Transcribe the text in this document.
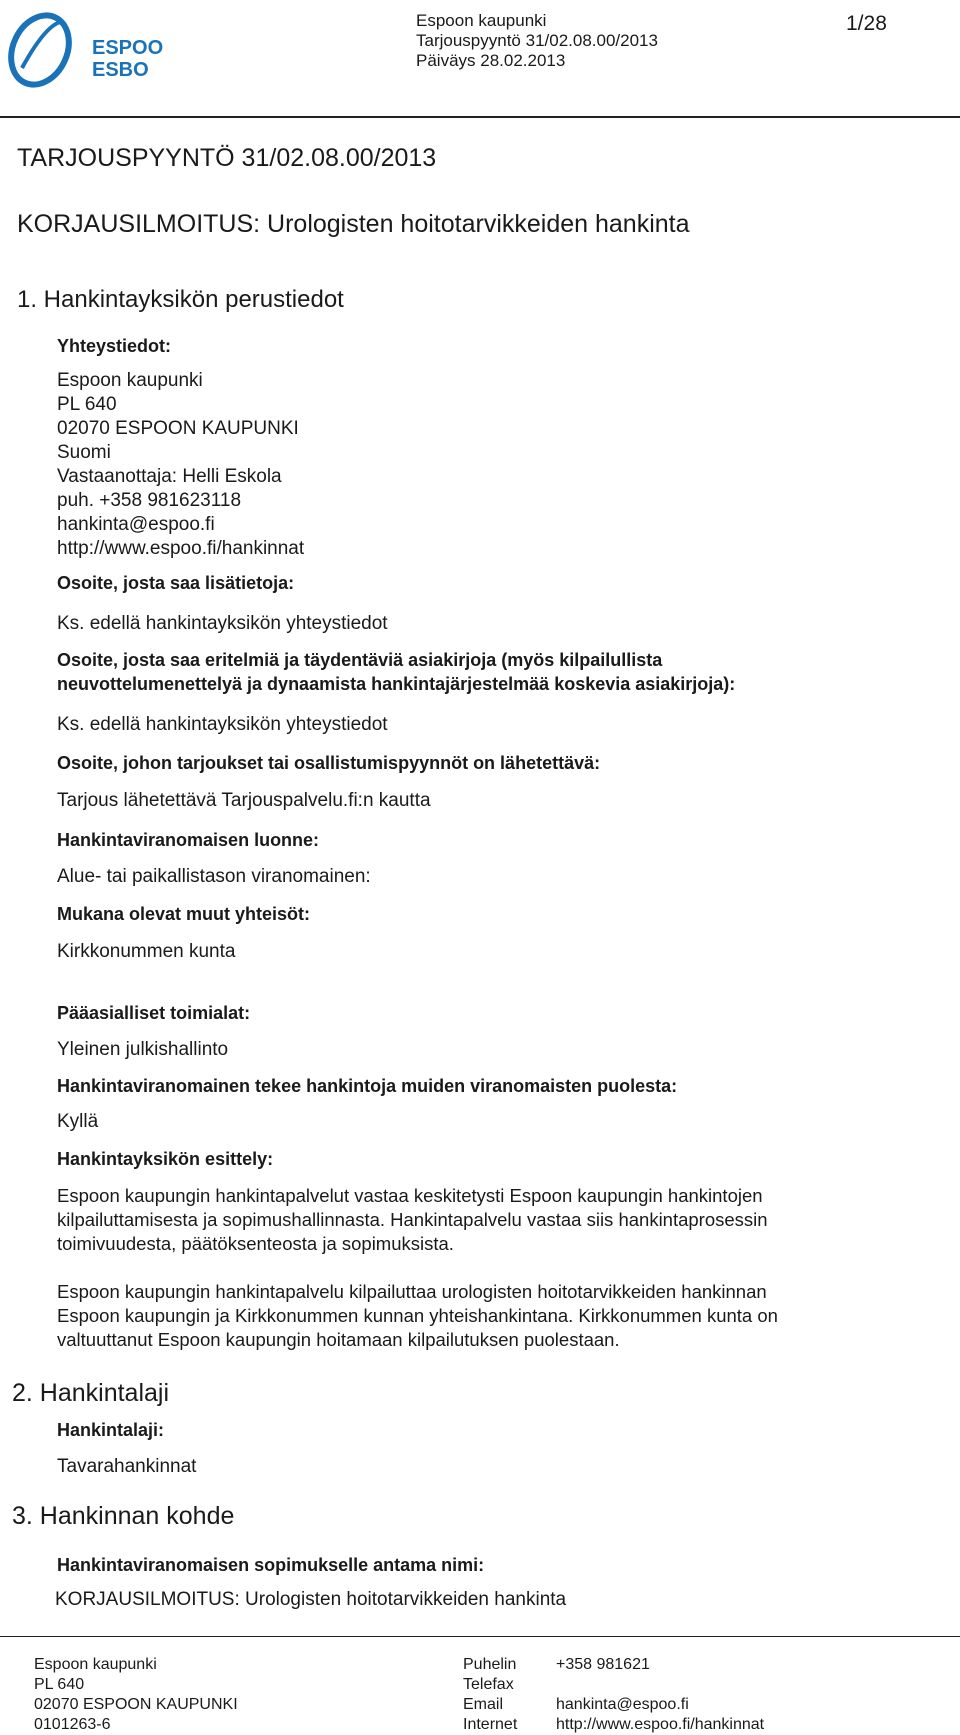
ESPOO
ESBO
Espoon kaupunki
Tarjouspyyntö 31/02.08.00/2013
Päiväys 28.02.2013
1/28
TARJOUSPYYNTÖ 31/02.08.00/2013
KORJAUSILMOITUS: Urologisten hoitotarvikkeiden hankinta
1. Hankintayksikön perustiedot
Yhteystiedot:
Espoon kaupunki
PL 640
02070 ESPOON KAUPUNKI
Suomi
Vastaanottaja: Helli Eskola
puh. +358 981623118
hankinta@espoo.fi
http://www.espoo.fi/hankinnat
Osoite, josta saa lisätietoja:
Ks. edellä hankintayksikön yhteystiedot
Osoite, josta saa eritelmiä ja täydentäviä asiakirjoja (myös kilpailullista
neuvottelumenettelyä ja dynaamista hankintajärjestelmää koskevia asiakirjoja):
Ks. edellä hankintayksikön yhteystiedot
Osoite, johon tarjoukset tai osallistumispyynnöt on lähetettävä:
Tarjous lähetettävä Tarjouspalvelu.fi:n kautta
Hankintaviranomaisen luonne:
Alue- tai paikallistason viranomainen:
Mukana olevat muut yhteisöt:
Kirkkonummen kunta
Pääasialliset toimialat:
Yleinen julkishallinto
Hankintaviranomainen tekee hankintoja muiden viranomaisten puolesta:
Kyllä
Hankintayksikön esittely:
Espoon kaupungin hankintapalvelut vastaa keskitetysti Espoon kaupungin hankintojen
kilpailuttamisesta ja sopimushallinnasta. Hankintapalvelu vastaa siis hankintaprosessin
toimivuudesta, päätöksenteosta ja sopimuksista.
Espoon kaupungin hankintapalvelu kilpailuttaa urologisten hoitotarvikkeiden hankinnan
Espoon kaupungin ja Kirkkonummen kunnan yhteishankintana. Kirkkonummen kunta on
valtuuttanut Espoon kaupungin hoitamaan kilpailutuksen puolestaan.
2. Hankintalaji
Hankintalaji:
Tavarahankinnat
3. Hankinnan kohde
Hankintaviranomaisen sopimukselle antama nimi:
KORJAUSILMOITUS: Urologisten hoitotarvikkeiden hankinta
Espoon kaupunki
PL 640
02070 ESPOON KAUPUNKI
0101263-6
Puhelin
Telefax
Email
Internet
+358 981621
hankinta@espoo.fi
http://www.espoo.fi/hankinnat
